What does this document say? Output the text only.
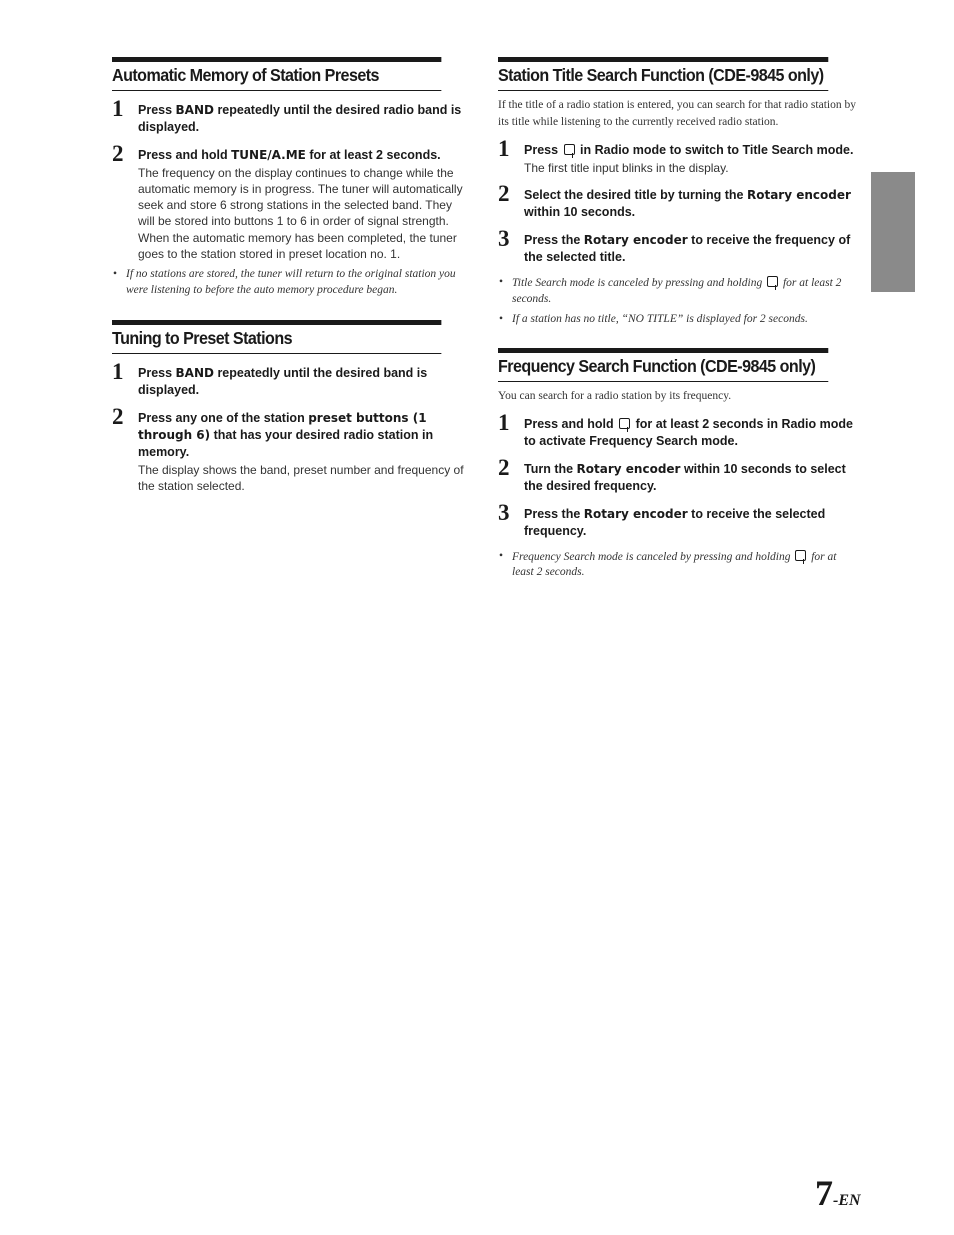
Automatic Memory of Station Presets
1 Press BAND repeatedly until the desired radio band is displayed.

2 Press and hold TUNE/A.ME for at least 2 seconds.

The frequency on the display continues to change while the automatic memory is in progress. The tuner will automatically seek and store 6 strong stations in the selected band. They will be stored into buttons 1 to 6 in order of signal strength.

When the automatic memory has been completed, the tuner goes to the station stored in preset location no. 1.

• If no stations are stored, the tuner will return to the original station you were listening to before the auto memory procedure began.
Tuning to Preset Stations
1 Press BAND repeatedly until the desired band is displayed.

2 Press any one of the station preset buttons (1 through 6) that has your desired radio station in memory.

The display shows the band, preset number and frequency of the station selected.

Station Title Search Function (CDE-9845 only)

If the title of a radio station is entered, you can search for that radio station by its title while listening to the currently received radio station.

1 Press  in Radio mode to switch to Title Search mode.

The first title input blinks in the display.

2 Select the desired title by turning the Rotary encoder within 10 seconds.

3 Press the Rotary encoder to receive the frequency of the selected title.

• Title Search mode is canceled by pressing and holding  for at least 2 seconds.
• If a station has no title, “NO TITLE” is displayed for 2 seconds.
Frequency Search Function (CDE-9845 only)

You can search for a radio station by its frequency.

1 Press and hold  for at least 2 seconds in Radio mode to activate Frequency Search mode.

2 Turn the Rotary encoder within 10 seconds to select the desired frequency.

3 Press the Rotary encoder to receive the selected frequency.

• Frequency Search mode is canceled by pressing and holding  for at least 2 seconds.
7-EN
